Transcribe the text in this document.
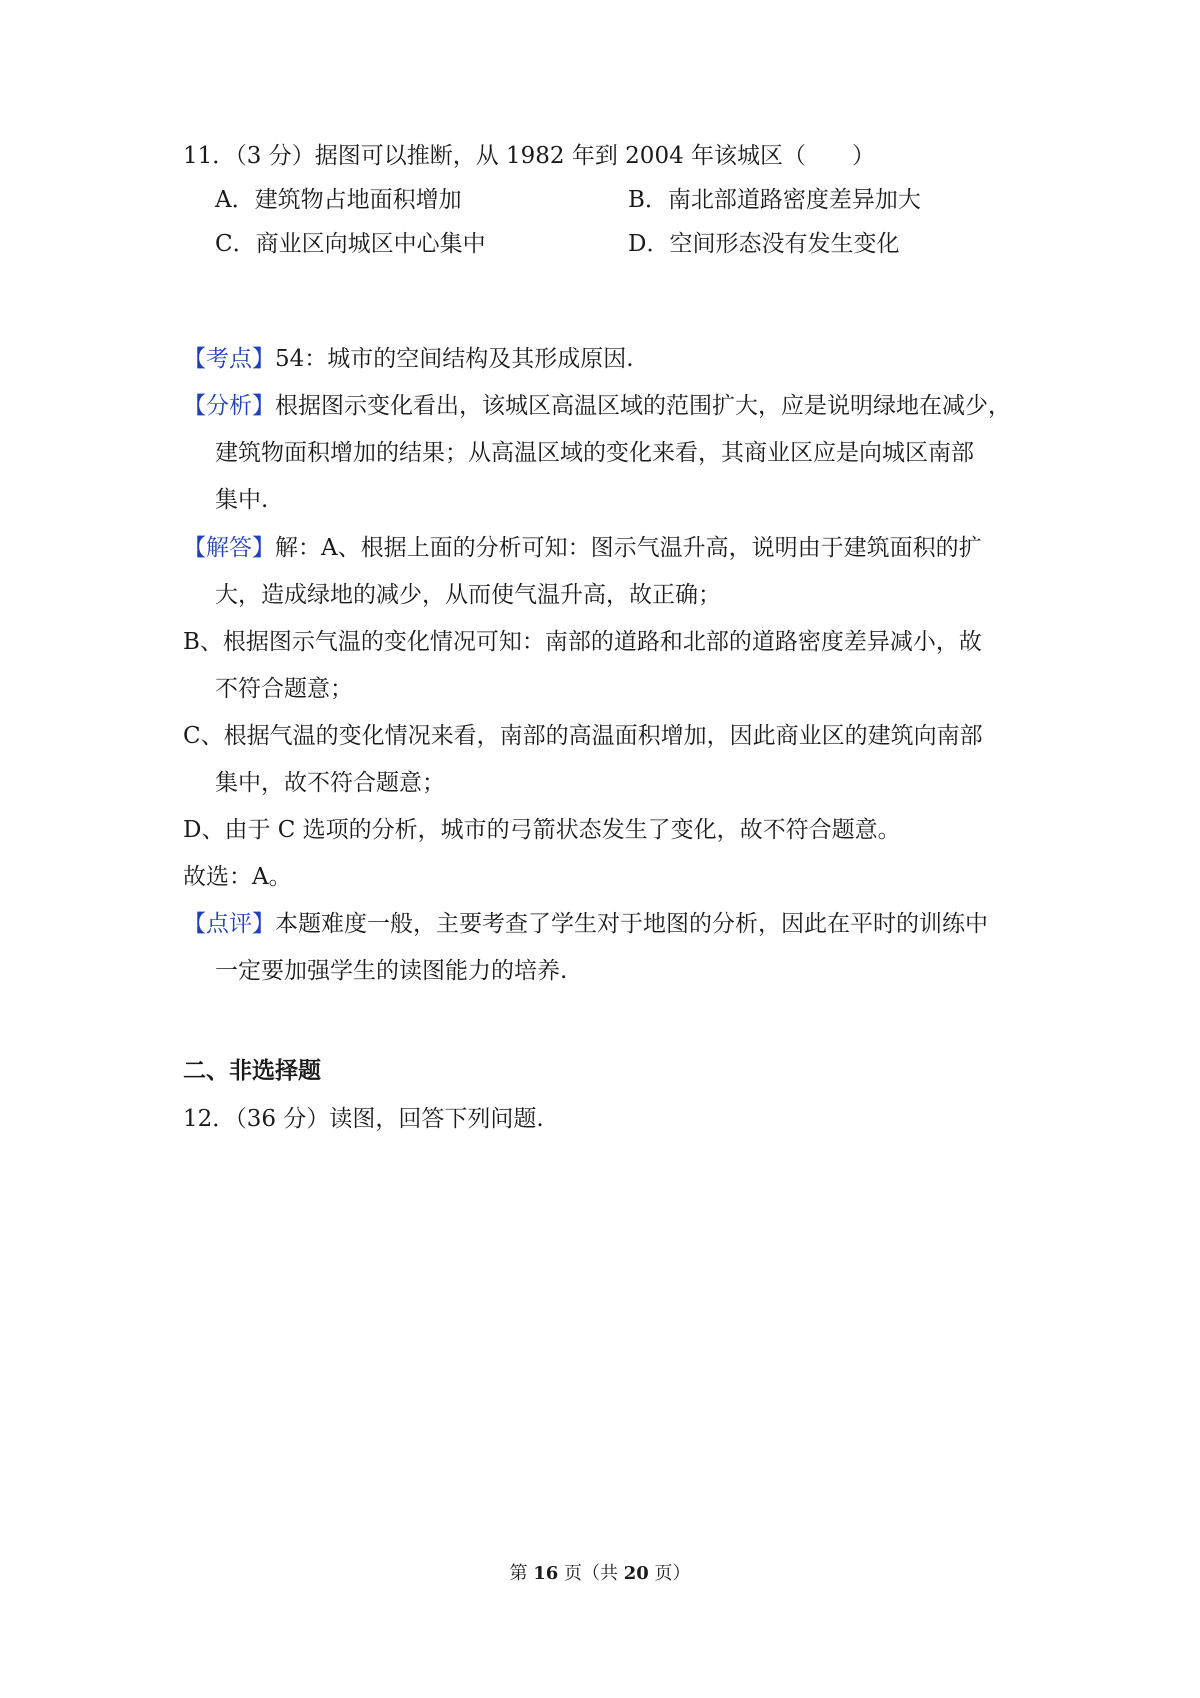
11．（3 分）据图可以推断，从 1982 年到 2004 年该城区（　　）
A．建筑物占地面积增加	B．南北部道路密度差异加大
C．商业区向城区中心集中	D．空间形态没有发生变化
【考点】54：城市的空间结构及其形成原因.
【分析】根据图示变化看出，该城区高温区域的范围扩大，应是说明绿地在减少，
建筑物面积增加的结果；从高温区域的变化来看，其商业区应是向城区南部
集中.
【解答】解：A、根据上面的分析可知：图示气温升高，说明由于建筑面积的扩
大，造成绿地的减少，从而使气温升高，故正确；
B、根据图示气温的变化情况可知：南部的道路和北部的道路密度差异减小，故
不符合题意；
C、根据气温的变化情况来看，南部的高温面积增加，因此商业区的建筑向南部
集中，故不符合题意；
D、由于 C 选项的分析，城市的弓箭状态发生了变化，故不符合题意。
故选：A。
【点评】本题难度一般，主要考查了学生对于地图的分析，因此在平时的训练中
一定要加强学生的读图能力的培养.
二、非选择题
12．（36 分）读图，回答下列问题.
第 16 页（共 20 页）
